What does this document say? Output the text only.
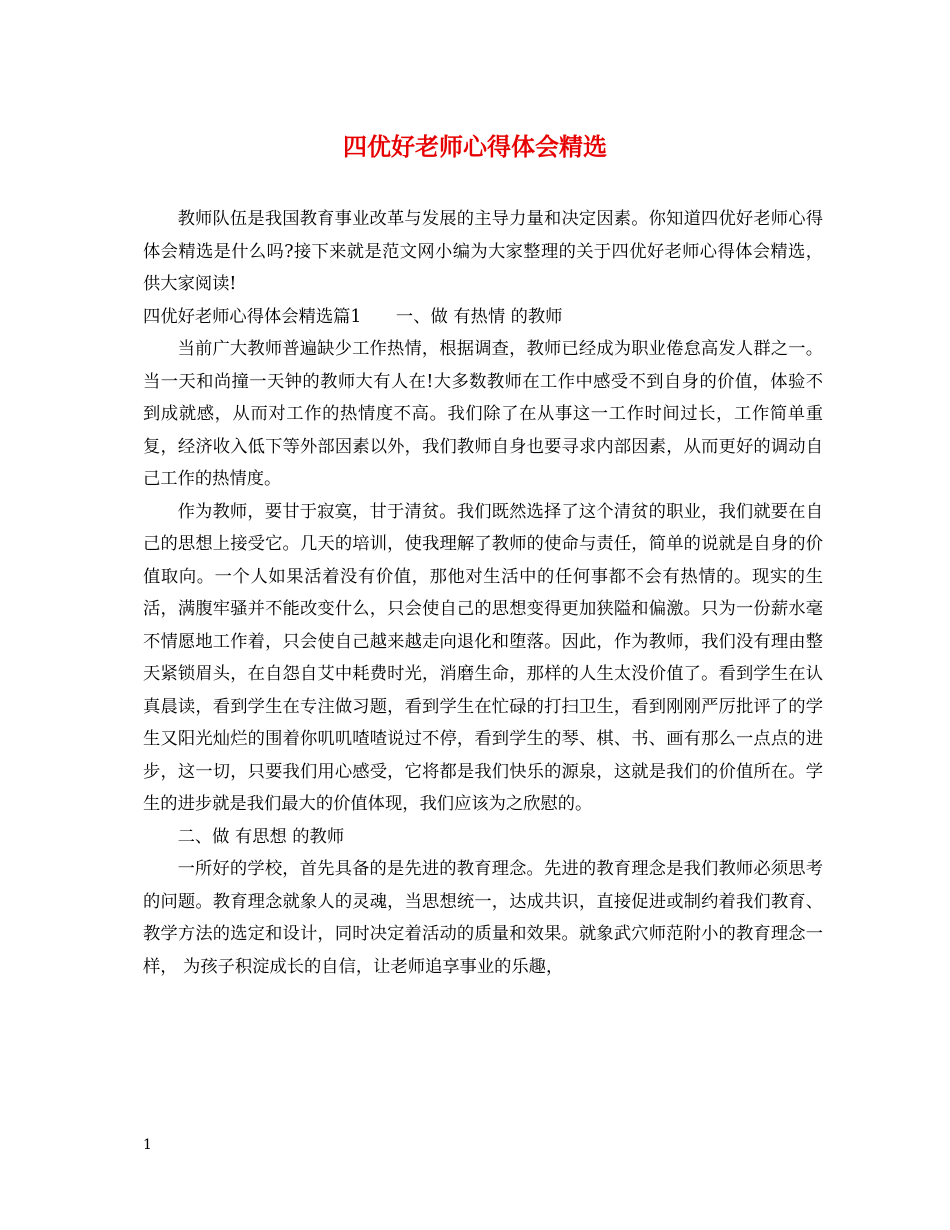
四优好老师心得体会精选

教师队伍是我国教育事业改革与发展的主导力量和决定因素。你知道四优好老师心得体会精选是什么吗?接下来就是范文网小编为大家整理的关于四优好老师心得体会精选，供大家阅读!

四优好老师心得体会精选篇1　　一、做 有热情 的教师

当前广大教师普遍缺少工作热情，根据调查，教师已经成为职业倦怠高发人群之一。当一天和尚撞一天钟的教师大有人在!大多数教师在工作中感受不到自身的价值，体验不到成就感，从而对工作的热情度不高。我们除了在从事这一工作时间过长，工作简单重复，经济收入低下等外部因素以外，我们教师自身也要寻求内部因素，从而更好的调动自己工作的热情度。

作为教师，要甘于寂寞，甘于清贫。我们既然选择了这个清贫的职业，我们就要在自己的思想上接受它。几天的培训，使我理解了教师的使命与责任，简单的说就是自身的价值取向。一个人如果活着没有价值，那他对生活中的任何事都不会有热情的。现实的生活，满腹牢骚并不能改变什么，只会使自己的思想变得更加狭隘和偏激。只为一份薪水毫不情愿地工作着，只会使自己越来越走向退化和堕落。因此，作为教师，我们没有理由整天紧锁眉头，在自怨自艾中耗费时光，消磨生命，那样的人生太没价值了。看到学生在认真晨读，看到学生在专注做习题，看到学生在忙碌的打扫卫生，看到刚刚严厉批评了的学生又阳光灿烂的围着你叽叽喳喳说过不停，看到学生的琴、棋、书、画有那么一点点的进步，这一切，只要我们用心感受，它将都是我们快乐的源泉，这就是我们的价值所在。学生的进步就是我们最大的价值体现，我们应该为之欣慰的。

二、做 有思想 的教师

一所好的学校，首先具备的是先进的教育理念。先进的教育理念是我们教师必须思考的问题。教育理念就象人的灵魂，当思想统一，达成共识，直接促进或制约着我们教育、教学方法的选定和设计，同时决定着活动的质量和效果。就象武穴师范附小的教育理念一样， 为孩子积淀成长的自信，让老师追享事业的乐趣，

1
